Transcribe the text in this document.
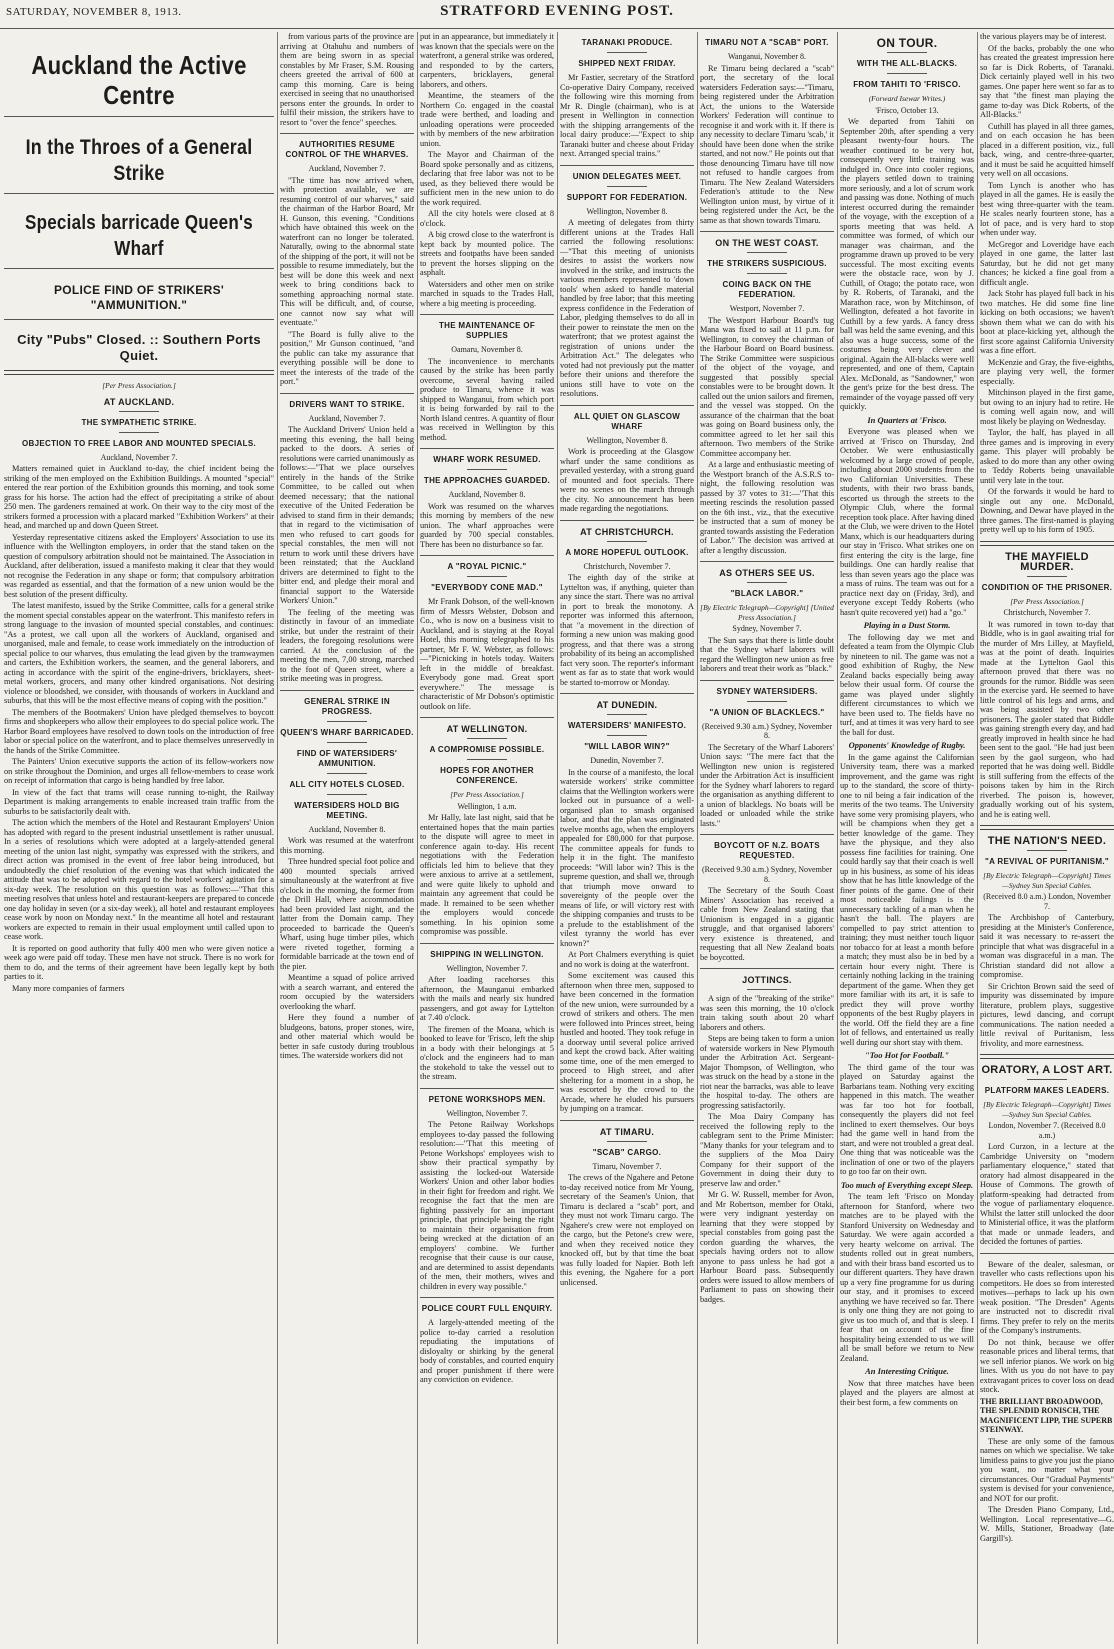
SATURDAY, NOVEMBER 8, 1913.	STRATFORD EVENING POST.
Auckland the Active Centre
In the Throes of a General Strike
Specials barricade Queen's Wharf
POLICE FIND OF STRIKERS' "AMMUNITION."
City "Pubs" Closed. :: Southern Ports Quiet.
[Per Press Association.]
AT AUCKLAND.
THE SYMPATHETIC STRIKE.
OBJECTION TO FREE LABOR AND MOUNTED SPECIALS.
Auckland, November 7.

Matters remained quiet in Auckland to-day, the chief incident being the striking of the men employed on the Exhibition Buildings. A mounted "special" entered the rear portion of the Exhibition grounds this morning, and took some grass for his horse. The action had the effect of precipitating a strike of about 250 men. The gardeners remained at work. On their way to the city most of the strikers formed a procession with a placard marked "Exhibition Workers" at their head, and marched up and down Queen Street.

Yesterday representative citizens asked the Employers' Association to use its influence with the Wellington employers, in order that the stand taken on the question of compulsory arbitration should not be maintained. The Association in Auckland, after deliberation, issued a manifesto making it clear that they would not recognise the Federation in any shape or form; that compulsory arbitration was regarded as essential, and that the formation of a new union would be the best solution of the present difficulty.

The latest manifesto, issued by the Strike Committee, calls for a general strike the moment special constables appear on the waterfront. This manifesto refers in strong language to the invasion of mounted special constables, and continues: "As a protest, we call upon all the workers of Auckland, organised and unorganised, male and female, to cease work immediately on the introduction of special police to our wharves, thus emulating the lead given by the tramwaymen and carters, the Exhibition workers, the seamen, and the general laborers, and acting in accordance with the spirit of the engine-drivers, bricklayers, sheet-metal workers, grocers, and many other kindred organisations. Not desiring violence or bloodshed, we consider, with thousands of workers in Auckland and suburbs, that this will be the most effective means of coping with the position."

The members of the Bootmakers' Union have pledged themselves to boycott firms and shopkeepers who allow their employees to do special police work. The Harbor Board employees have resolved to down tools on the introduction of free labor or special police on the waterfront, and to place themselves unreservedly in the hands of the Strike Committee.

The Painters' Union executive supports the action of its fellow-workers now on strike throughout the Dominion, and urges all fellow-members to cease work on receipt of information that cargo is being handled by free labor.

In view of the fact that trams will cease running to-night, the Railway Department is making arrangements to enable increased train traffic from the suburbs to be satisfactorily dealt with.

The action which the members of the Hotel and Restaurant Employers' Union has adopted with regard to the present industrial unsettlement is rather unusual. In a series of resolutions which were adopted at a largely-attended general meeting of the union last night, sympathy was expressed with the strikers, and direct action was promised in the event of free labor being introduced, but undoubtedly the chief resolution of the evening was that which indicated the attitude that was to be adopted with regard to the hotel workers' agitation for a six-day week. The resolution on this question was as follows:—"That this meeting resolves that unless hotel and restaurant-keepers are prepared to concede one day holiday in seven (or a six-day week), all hotel and restaurant employees cease work by noon on Monday next." In the meantime all hotel and restaurant workers are expected to remain in their usual employment until called upon to cease work.

It is reported on good authority that fully 400 men who were given notice a week ago were paid off today. These men have not struck. There is no work for them to do, and the terms of their agreement have been legally kept by both parties to it.

Many more companies of farmers

from various parts of the province are arriving at Otahuhu and numbers of them are being sworn in as special constables by Mr Fraser, S.M. Rousing cheers greeted the arrival of 600 at camp this morning. Care is being exercised in seeing that no unauthorised persons enter the grounds. In order to fulfil their mission, the strikers have to resort to "over the fence" speeches.

AUTHORITIES RESUME CONTROL OF THE WHARVES.
Auckland, November 7.

"The time has now arrived when, with protection available, we are resuming control of our wharves," said the chairman of the Harbor Board, Mr H. Gunson, this evening. "Conditions which have obtained this week on the waterfront can no longer be tolerated. Naturally, owing to the abnormal state of the shipping of the port, it will not be possible to resume immediately, but the best will be done this week and next week to bring conditions back to something approaching normal state. This will be difficult, and, of course, one cannot now say what will eventuate."

"The Board is fully alive to the position," Mr Gunson continued, "and the public can take my assurance that everything possible will be done to meet the interests of the trade of the port."

DRIVERS WANT TO STRIKE.
Auckland, November 7.

The Auckland Drivers' Union held a meeting this evening, the hall being packed to the doors. A series of resolutions were carried unanimously as follows:—"That we place ourselves entirely in the hands of the Strike Committee, to be called out when deemed necessary; that the national executive of the United Federation be advised to stand firm in their demands; that in regard to the victimisation of men who refused to cart goods for special constables, the men will not return to work until these drivers have been reinstated; that the Auckland drivers are determined to fight to the bitter end, and pledge their moral and financial support to the Waterside Workers' Union."

The feeling of the meeting was distinctly in favour of an immediate strike, but under the restraint of their leaders, the foregoing resolutions were carried. At the conclusion of the meeting the men, 7,00 strong, marched to the foot of Queen street, where a strike meeting was in progress.

GENERAL STRIKE IN PROGRESS.
QUEEN'S WHARF BARRICADED.
FIND OF WATERSIDERS' AMMUNITION.
ALL CITY HOTELS CLOSED.
WATERSIDERS HOLD BIG MEETING.
Auckland, November 8.

Work was resumed at the waterfront this morning.

Three hundred special foot police and 400 mounted specials arrived simultaneously at the waterfront at five o'clock in the morning, the former from the Drill Hall, where accommodation had been provided last night, and the latter from the Domain camp. They proceeded to barricade the Queen's Wharf, using huge timber piles, which were riveted together, forming a formidable barricade at the town end of the pier.

Meantime a squad of police arrived with a search warrant, and entered the room occupied by the watersiders overlooking the wharf.

Here they found a number of bludgeons, batons, proper stones, wire, and other material which would be better in safe custody during troublous times. The waterside workers did not

put in an appearance, but immediately it was known that the specials were on the waterfront, a general strike was ordered, and responded to by the carters, carpenters, bricklayers, general laborers, and others.

Meantime, the steamers of the Northern Co. engaged in the coastal trade were berthed, and loading and unloading operations were proceeded with by members of the new arbitration union.

The Mayor and Chairman of the Board spoke personally and as citizens, declaring that free labor was not to be used, as they believed there would be sufficient men in the new union to do the work required.

All the city hotels were closed at 8 o'clock.

A big crowd close to the waterfront is kept back by mounted police. The streets and footpaths have been sanded to prevent the horses slipping on the asphalt.

Watersiders and other men on strike marched in squads to the Trades Hall, where a big meeting is proceeding.

THE MAINTENANCE OF SUPPLIES
Oamaru, November 8.

The inconvenience to merchants caused by the strike has been partly overcome, several having railed produce to Timaru, whence it was shipped to Wanganui, from which port it is being forwarded by rail to the North Island centres. A quantity of flour was received in Wellington by this method.

WHARF WORK RESUMED.
THE APPROACHES GUARDED.
Auckland, November 8.

Work was resumed on the wharves this morning by members of the new union. The wharf approaches were guarded by 700 special constables. There has been no disturbance so far.

A "ROYAL PICNIC."
"EVERYBODY CONE MAD."

Mr Frank Dobson, of the well-known firm of Messrs Webster, Dobson and Co., who is now on a business visit to Auckland, and is staying at the Royal Hotel, this morning telegraphed to his partner, Mr F. W. Webster, as follows:—"Picnicking in hotels today. Waiters left in the middle of breakfast. Everybody gone mad. Great sport everywhere." The message is characteristic of Mr Dobson's optimistic outlook on life.

AT WELLINGTON.
A COMPROMISE POSSIBLE.
HOPES FOR ANOTHER CONFERENCE.
[Per Press Association.]
Wellington, 1 a.m.

Mr Hally, late last night, said that he entertained hopes that the main parties to the dispute will agree to meet in conference again to-day. His recent negotiations with the Federation officials led him to believe that they were anxious to arrive at a settlement, and were quite likely to uphold and maintain any agreement that could be made. It remained to be seen whether the employers would concede something. In his opinion some compromise was possible.

SHIPPING IN WELLINGTON.
Wellington, November 7.

After loading racehorses this afternoon, the Maunganui embarked with the mails and nearly six hundred passengers, and got away for Lyttelton at 7.40 o'clock.

The firemen of the Moana, which is booked to leave for 'Frisco, left the ship in a body with their belongings at 5 o'clock and the engineers had to man the stokehold to take the vessel out to the stream.

PETONE WORKSHOPS MEN.
Wellington, November 7.

The Petone Railway Workshops employees to-day passed the following resolution:—"That this meeting of Petone Workshops' employees wish to show their practical sympathy by assisting the locked-out Waterside Workers' Union and other labor bodies in their fight for freedom and right. We recognise the fact that the men are fighting passively for an important principle, that principle being the right to maintain their organisation from being wrecked at the dictation of an employers' combine. We further recognise that their cause is our cause, and are determined to assist dependants of the men, their mothers, wives and children in every way possible."

POLICE COURT FULL ENQUIRY.

A largely-attended meeting of the police to-day carried a resolution repudiating the imputations of disloyalty or shirking by the general body of constables, and courted enquiry and proper punishment if there were any conviction on evidence.

TARANAKI PRODUCE.
SHIPPED NEXT FRIDAY.

Mr Fastier, secretary of the Stratford Co-operative Dairy Company, received the following wire this morning from Mr R. Dingle (chairman), who is at present in Wellington in connection with the shipping arrangements of the local dairy produce:—"Expect to ship Taranaki butter and cheese about Friday next. Arranged special trains."

UNION DELEGATES MEET.
SUPPORT FOR FEDERATION.
Wellington, November 8.

A meeting of delegates from thirty different unions at the Trades Hall carried the following resolutions:—"That this meeting of unionists desires to assist the workers now involved in the strike, and instructs the various members represented to 'down tools' when asked to handle material handled by free labor; that this meeting express confidence in the Federation of Labor, pledging themselves to do all in their power to reinstate the men on the waterfront; that we protest against the registration of unions under the Arbitration Act." The delegates who voted had not previously put the matter before their unions and therefore the unions still have to vote on the resolutions.

ALL QUIET ON GLASCOW WHARF
Wellington, November 8.

Work is proceeding at the Glasgow wharf under the same conditions as prevailed yesterday, with a strong guard of mounted and foot specials. There were no scenes on the march through the city. No announcement has been made regarding the negotiations.

AT CHRISTCHURCH.
A MORE HOPEFUL OUTLOOK.
Christchurch, November 7.

The eighth day of the strike at Lyttelton was, if anything, quieter than any since the start. There was no arrival in port to break the monotony. A reporter was informed this afternoon, that "a movement in the direction of forming a new union was making good progress, and that there was a strong probability of its being an accomplished fact very soon. The reporter's informant went as far as to state that work would be started to-morrow or Monday.

AT DUNEDIN.
WATERSIDERS' MANIFESTO.
"WILL LABOR WIN?"
Dunedin, November 7.

In the course of a manifesto, the local waterside workers' strike committee claims that the Wellington workers were locked out in pursuance of a well-organised plan to smash organised labor, and that the plan was originated twelve months ago, when the employers appealed for £80,000 for that purpose. The committee appeals for funds to help it in the fight. The manifesto proceeds: "Will labor win? This is the supreme question, and shall we, through that triumph move onward to sovereignty of the people over the means of life, or will victory rest with the shipping companies and trusts to be a prelude to the establishment of the vilest tyranny the world has ever known?"

At Port Chalmers everything is quiet and no work is doing at the waterfront.

Some excitement was caused this afternoon when three men, supposed to have been concerned in the formation of the new union, were surrounded by a crowd of strikers and others. The men were followed into Princes street, being hustled and hooted. They took refuge in a doorway until several police arrived and kept the crowd back. After waiting some time, one of the men emerged to proceed to High street, and after sheltering for a moment in a shop, he was escorted by the crowd to the Arcade, where he eluded his pursuers by jumping on a tramcar.

AT TIMARU.
"SCAB" CARGO.
Timaru, November 7.

The crews of the Ngahere and Petone to-day received notice from Mr Young, secretary of the Seamen's Union, that Timaru is declared a "scab" port, and they must not work Timaru cargo. The Ngahere's crew were not employed on the cargo, but the Petone's crew were, and when they received notice they knocked off, but by that time the boat was fully loaded for Napier. Both left this evening, the Ngahere for a port unlicensed.

TIMARU NOT A "SCAB" PORT.
Wanganui, November 8.

Re Timaru being declared a "scab" port, the secretary of the local watersiders Federation says:—"Timaru, being registered under the Arbitration Act, the unions to the Waterside Workers' Federation will continue to recognise it and work with it. If there is any necessity to declare Timaru 'scab,' it should have been done when the strike started, and not now." He points out that those denouncing Timaru have till now not refused to handle cargoes from Timaru. The New Zealand Watersiders Federation's attitude to the New Wellington union must, by virtue of it being registered under the Act, be the same as that shown towards Timaru.

ON THE WEST COAST.
THE STRIKERS SUSPICIOUS.
COING BACK ON THE FEDERATION.
Westport, November 7.

The Westport Harbour Board's tug Mana was fixed to sail at 11 p.m. for Wellington, to convey the chairman of the Harbour Board on Board business. The Strike Committee were suspicious of the object of the voyage, and suggested that possibly special constables were to be brought down. It called out the union sailors and firemen, and the vessel was stopped. On the assurance of the chairman that the boat was going on Board business only, the committee agreed to let her sail this afternoon. Two members of the Strike Committee accompany her.

At a large and enthusiastic meeting of the Westport branch of the A.S.R.S to-night, the following resolution was passed by 37 votes to 31:—"That this meeting rescinds the resolution passed on the 6th inst., viz., that the executive be instructed that a sum of money be granted towards assisting the Federation of Labor." The decision was arrived at after a lengthy discussion.

AS OTHERS SEE US.
"BLACK LABOR."
[By Electric Telegraph—Copyright] [United Press Association.]
Sydney, November 7.

The Sun says that there is little doubt that the Sydney wharf laborers will regard the Wellington new union as free laborers and treat their work as "black."

SYDNEY WATERSIDERS.
"A UNION OF BLACKLECS."
(Received 9.30 a.m.) Sydney, November 8.

The Secretary of the Wharf Laborers' Union says: "The mere fact that the Wellington new union is registered under the Arbitration Act is insufficient for the Sydney wharf laborers to regard the organisation as anything different to a union of blacklegs. No boats will be loaded or unloaded while the strike lasts."

BOYCOTT OF N.Z. BOATS REQUESTED.
(Received 9.30 a.m.) Sydney, November 8.

The Secretary of the South Coast Miners' Association has received a cable from New Zealand stating that Unionism is engaged in a gigantic struggle, and that organised laborers' very existence is threatened, and requesting that all New Zealand boats be boycotted.

JOTTINCS.

A sign of the "breaking of the strike" was seen this morning, the 10 o'clock train taking south about 20 wharf laborers and others.

Steps are being taken to form a union of waterside workers in New Plymouth under the Arbitration Act. Sergeant-Major Thompson, of Wellington, who was struck on the head by a stone in the riot near the barracks, was able to leave the hospital to-day. The others are progressing satisfactorily.

The Moa Dairy Company has received the following reply to the cablegram sent to the Prime Minister: "Many thanks for your telegram and to the suppliers of the Moa Dairy Company for their support of the Government in doing their duty to preserve law and order."

Mr G. W. Russell, member for Avon, and Mr Robertson, member for Otaki, were very indignant yesterday on learning that they were stopped by special constables from going past the cordon guarding the wharves, the specials having orders not to allow anyone to pass unless he had got a Harbour Board pass. Subsequently orders were issued to allow members of Parliament to pass on showing their badges.

the various players may be of interest.

Of the backs, probably the one who has created the greatest impression here so far is Dick Roberts, of Taranaki. Dick certainly played well in his two games. One paper here went so far as to say that "the finest man playing the game to-day was Dick Roberts, of the All-Blacks."

Cuthill has played in all three games, and on each occasion he has been placed in a different position, viz., full back, wing, and centre-three-quarter, and it must be said he acquitted himself very well on all occasions.

Tom Lynch is another who has played in all the games. He is easily the best wing three-quarter with the team. He scales nearly fourteen stone, has a lot of pace, and is very hard to stop when under way.

McGregor and Loveridge have each played in one game, the latter last Saturday, but he did not get many chances; he kicked a fine goal from a difficult angle.

Jack Stohr has played full back in his two matches. He did some fine line kicking on both occasions; we haven't shown them what we can do with his boot at place-kicking yet, although the first score against California University was a fine effort.

McKenzie and Gray, the five-eighths, are playing very well, the former especially.

Mitchinson played in the first game, but owing to an injury had to retire. He is coming well again now, and will most likely be playing on Wednesday.

Taylor, the half, has played in all three games and is improving in every game. This player will probably be asked to do more than any other owing to Teddy Roberts being unavailable until very late in the tour.

Of the forwards it would be hard to single out any one. McDonald, Downing, and Dewar have played in the three games. The first-named is playing pretty well up to his form of 1905.

THE MAYFIELD MURDER.
CONDITION OF THE PRISONER.
[Per Press Association.]
Christchurch, November 7.

It was rumored in town to-day that Biddle, who is in gaol awaiting trial for the murder of Mrs Lilley, at Mayfield, was at the point of death. Inquiries made at the Lyttelton Gaol this afternoon proved that there was no grounds for the rumor. Biddle was seen in the exercise yard. He seemed to have little control of his legs and arms, and was being assisted by two other prisoners. The gaoler stated that Biddle was gaining strength every day, and had greatly improved in health since he had been sent to the gaol. "He had just been seen by the gaol surgeon, who had reported that he was doing well. Biddle is still suffering from the effects of the poisons taken by him in the Rirch riverbed. The poison is, however, gradually working out of his system, and he is eating well.

THE NATION'S NEED.
"A REVIVAL OF PURITANISM."
[By Electric Telegraph—Copyright] Times—Sydney Sun Special Cables.
(Received 8.0 a.m.) London, November 7.

The Archbishop of Canterbury, presiding at the Minister's Conference, said it was necessary to re-assert the principle that what was disgraceful in a woman was disgraceful in a man. The Christian standard did not allow a compromise.

Sir Crichton Brown said the seed of impurity was disseminated by impure literature, problem plays, suggestive pictures, lewd dancing, and corrupt communications. The nation needed a little revival of Puritanism, less frivolity, and more earnestness.

ORATORY, A LOST ART.
PLATFORM MAKES LEADERS.
[By Electric Telegraph—Copyright] Times—Sydney Sun Special Cables.
London, November 7. (Received 8.0 a.m.)

Lord Curzon, in a lecture at the Cambridge University on "modern parliamentary eloquence," stated that oratory had almost disappeared in the House of Commons. The growth of platform-speaking had detracted from the vogue of parliamentary eloquence. Whilst the latter still unlocked the door to Ministerial office, it was the platform that made or unmade leaders, and decided the fortunes of parties.

Beware of the dealer, salesman, or traveller who casts reflections upon his competitors. He does so from interested motives—perhaps to lack up his own weak position. "The Dresden" Agents are instructed not to discredit rival firms. They prefer to rely on the merits of the Company's instruments.

Do not think, because we offer reasonable prices and liberal terms, that we sell inferior pianos. We work on big lines. With us you do not have to pay extravagant prices to cover loss on dead stock.

THE BRILLIANT BROADWOOD, THE SPLENDID RONISCH, THE MAGNIFICENT LIPP, THE SUPERB STEINWAY.

These are only some of the famous names on which we specialise. We take limitless pains to give you just the piano you want, no matter what your circumstances. Our "Gradual Payments" system is devised for your convenience, and NOT for our profit.

The Dresden Piano Company, Ltd., Wellington. Local representative—G. W. Mills, Stationer, Broadway (late Gargill's).

ON TOUR.
WITH THE ALL-BLACKS.
FROM TAHITI TO 'FRISCO.
(Forward Isewar Writes.)
'Frisco, October 13.

We departed from Tahiti on September 20th, after spending a very pleasant twenty-four hours. The weather continued to be very hot, consequently very little training was indulged in. Once into cooler regions, the players settled down to training more seriously, and a lot of scrum work and passing was done. Nothing of much interest occurred during the remainder of the voyage, with the exception of a sports meeting that was held. A committee was formed, of which our manager was chairman, and the programme drawn up proved to be very successful. The most exciting events were the obstacle race, won by J. Cuthill, of Otago; the potato race, won by R. Roberts, of Taranaki, and the Marathon race, won by Mitchinson, of Wellington, defeated a hot favorite in Cuthill by a few yards. A fancy dress ball was held the same evening, and this also was a huge success, some of the costumes being very clever and original. Again the All-blacks were well represented, and one of them, Captain Alex. McDonald, as "Sandowner," won the gent's prize for the best dress. The remainder of the voyage passed off very quickly.

In Quarters at 'Frisco.

Everyone was pleased when we arrived at 'Frisco on Thursday, 2nd October. We were enthusiastically welcomed by a large crowd of people, including about 2000 students from the two Californian Universities. These students, with their two brass bands, escorted us through the streets to the Olympic Club, where the formal reception took place. After having dined at the Club, we were driven to the Hotel Manx, which is our headquarters during our stay in 'Frisco. What strikes one on first entering the city is the large, fine buildings. One can hardly realise that less than seven years ago the place was a mass of ruins. The team was out for a practice next day on (Friday, 3rd), and everyone except Teddy Roberts (who hasn't quite recovered yet) had a "go."

Playing in a Dust Storm.

The following day we met and defeated a team from the Olympic Club by nineteen to nil. The game was not a good exhibition of Rugby, the New Zealand backs especially being away below their usual form. Of course the game was played under slightly different circumstances to which we have been used to. The fields have no turf, and at times it was very hard to see the ball for dust.

Opponents' Knowledge of Rugby.

In the game against the Californian University team, there was a marked improvement, and the game was right up to the standard, the score of thirty-one to nil being a fair indication of the merits of the two teams. The University have some very promising players, who will be champions when they get a better knowledge of the game. They have the physique, and they also possess fine facilities for training. One could hardly say that their coach is well up in his business, as some of his ideas show that he has little knowledge of the finer points of the game. One of their most noticeable failings is the unnecessary tackling of a man when he hasn't the ball. The players are compelled to pay strict attention to training; they must neither touch liquor nor tobacco for at least a month before a match; they must also be in bed by a certain hour every night. There is certainly nothing lacking in the training department of the game. When they get more familiar with its art, it is safe to predict they will prove worthy opponents of the best Rugby players in the world. Off the field they are a fine lot of fellows, and entertained us really well during our short stay with them.

"Too Hot for Football."

The third game of the tour was played on Saturday against the Barbarians team. Nothing very exciting happened in this match. The weather was far too hot for football, consequently the players did not feel inclined to exert themselves. Our boys had the game well in hand from the start, and were not troubled a great deal. One thing that was noticeable was the inclination of one or two of the players to go too far on their own.

Too much of Everything except Sleep.

The team left 'Frisco on Monday afternoon for Stanford, where two matches are to be played with the Stanford University on Wednesday and Saturday. We were again accorded a very hearty welcome on arrival. The students rolled out in great numbers, and with their brass band escorted us to our different quarters. They have drawn up a very fine programme for us during our stay, and it promises to exceed anything we have received so far. There is only one thing they are not going to give us too much of, and that is sleep. I fear that on account of the fine hospitality being extended to us we will all be small before we return to New Zealand.

An Interesting Critique.

Now that three matches have been played and the players are almost at their best form, a few comments on
